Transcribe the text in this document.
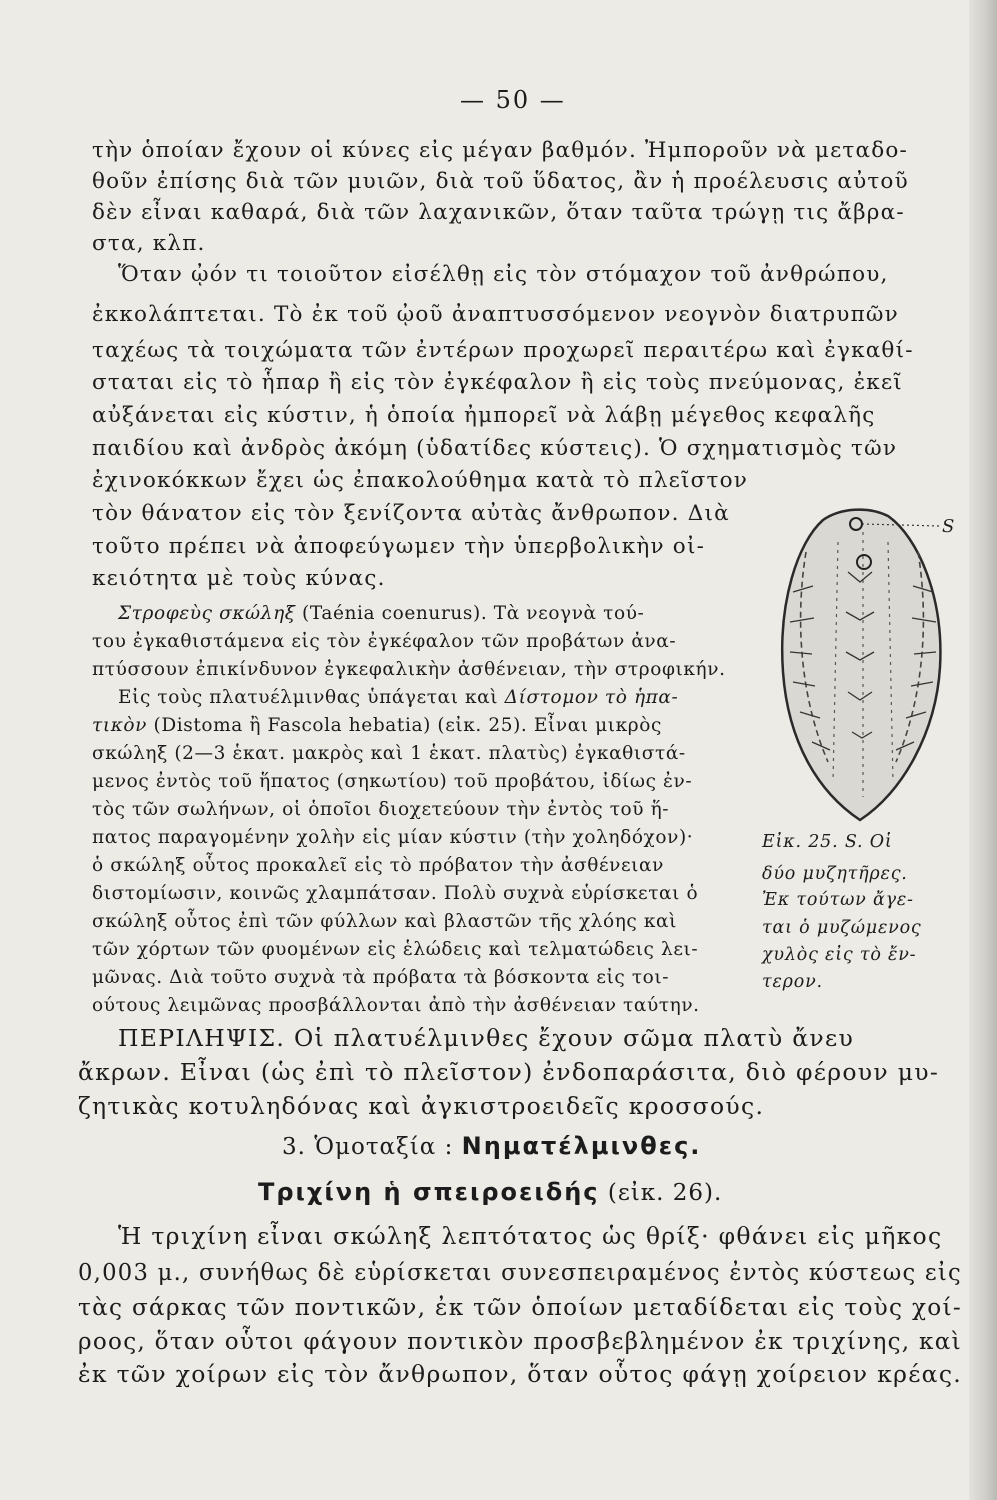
— 50 —
τὴν ὁποίαν ἔχουν οἱ κύνες εἰς μέγαν βαθμόν. Ἠμποροῦν νὰ μεταδο-
θοῦν ἐπίσης διὰ τῶν μυιῶν, διὰ τοῦ ὕδατος, ἂν ἡ προέλευσις αὐτοῦ
δὲν εἶναι καθαρά, διὰ τῶν λαχανικῶν, ὅταν ταῦτα τρώγῃ τις ἄβρα-
στα, κλπ.
Ὅταν ᾠόν τι τοιοῦτον εἰσέλθῃ εἰς τὸν στόμαχον τοῦ ἀνθρώπου,
ἐκκολάπτεται. Τὸ ἐκ τοῦ ᾠοῦ ἀναπτυσσόμενον νεογνὸν διατρυπῶν
ταχέως τὰ τοιχώματα τῶν ἐντέρων προχωρεῖ περαιτέρω καὶ ἐγκαθί-
σταται εἰς τὸ ἧπαρ ἢ εἰς τὸν ἐγκέφαλον ἢ εἰς τοὺς πνεύμονας, ἐκεῖ
αὐξάνεται εἰς κύστιν, ἡ ὁποία ἠμπορεῖ νὰ λάβῃ μέγεθος κεφαλῆς
παιδίου καὶ ἀνδρὸς ἀκόμη (ὑδατίδες κύστεις). Ὁ σχηματισμὸς τῶν
ἐχινοκόκκων ἔχει ὡς ἐπακολούθημα κατὰ τὸ πλεῖστον
τὸν θάνατον εἰς τὸν ξενίζοντα αὐτὰς ἄνθρωπον. Διὰ
τοῦτο πρέπει νὰ ἀποφεύγωμεν τὴν ὑπερβολικὴν οἰ-
κειότητα μὲ τοὺς κύνας.
Στροφεὺς σκώληξ (Taénia coenurus). Τὰ νεογνὰ τού-
του ἐγκαθιστάμενα εἰς τὸν ἐγκέφαλον τῶν προβάτων ἀνα-
πτύσσουν ἐπικίνδυνον ἐγκεφαλικὴν ἀσθένειαν, τὴν στροφικήν.
Εἰς τοὺς πλατυέλμινθας ὑπάγεται καὶ Δίστομον τὸ ἡπα-
τικὸν (Distoma ἢ Fascola hebatia) (εἰκ. 25). Εἶναι μικρὸς
σκώληξ (2—3 ἑκατ. μακρὸς καὶ 1 ἑκατ. πλατὺς) ἐγκαθιστά-
μενος ἐντὸς τοῦ ἥπατος (σηκωτίου) τοῦ προβάτου, ἰδίως ἐν-
τὸς τῶν σωλήνων, οἱ ὁποῖοι διοχετεύουν τὴν ἐντὸς τοῦ ἥ-
πατος παραγομένην χολὴν εἰς μίαν κύστιν (τὴν χοληδόχον)·
ὁ σκώληξ οὗτος προκαλεῖ εἰς τὸ πρόβατον τὴν ἀσθένειαν
διστομίωσιν, κοινῶς χλαμπάτσαν. Πολὺ συχνὰ εὑρίσκεται ὁ
σκώληξ οὗτος ἐπὶ τῶν φύλλων καὶ βλαστῶν τῆς χλόης καὶ
τῶν χόρτων τῶν φυομένων εἰς ἑλώδεις καὶ τελματώδεις λει-
μῶνας. Διὰ τοῦτο συχνὰ τὰ πρόβατα τὰ βόσκοντα εἰς τοι-
ούτους λειμῶνας προσβάλλονται ἀπὸ τὴν ἀσθένειαν ταύτην.
S
Εἰκ. 25. S. Οἱ
δύο μυζητῆρες.
Ἐκ τούτων ἄγε-
ται ὁ μυζώμενος
χυλὸς εἰς τὸ ἔν-
τερον.
ΠΕΡΙΛΗΨΙΣ. Οἱ πλατυέλμινθες ἔχουν σῶμα πλατὺ ἄνευ
ἄκρων. Εἶναι (ὡς ἐπὶ τὸ πλεῖστον) ἐνδοπαράσιτα, διὸ φέρουν μυ-
ζητικὰς κοτυληδόνας καὶ ἀγκιστροειδεῖς κροσσούς.
3. Ὁμοταξία : Νηματέλμινθες.
Τριχίνη ἡ σπειροειδής (εἰκ. 26).
Ἡ τριχίνη εἶναι σκώληξ λεπτότατος ὡς θρίξ· φθάνει εἰς μῆκος
0,003 μ., συνήθως δὲ εὑρίσκεται συνεσπειραμένος ἐντὸς κύστεως εἰς
τὰς σάρκας τῶν ποντικῶν, ἐκ τῶν ὁποίων μεταδίδεται εἰς τοὺς χοί-
ροος, ὅταν οὗτοι φάγουν ποντικὸν προσβεβλημένον ἐκ τριχίνης, καὶ
ἐκ τῶν χοίρων εἰς τὸν ἄνθρωπον, ὅταν οὗτος φάγῃ χοίρειον κρέας.
